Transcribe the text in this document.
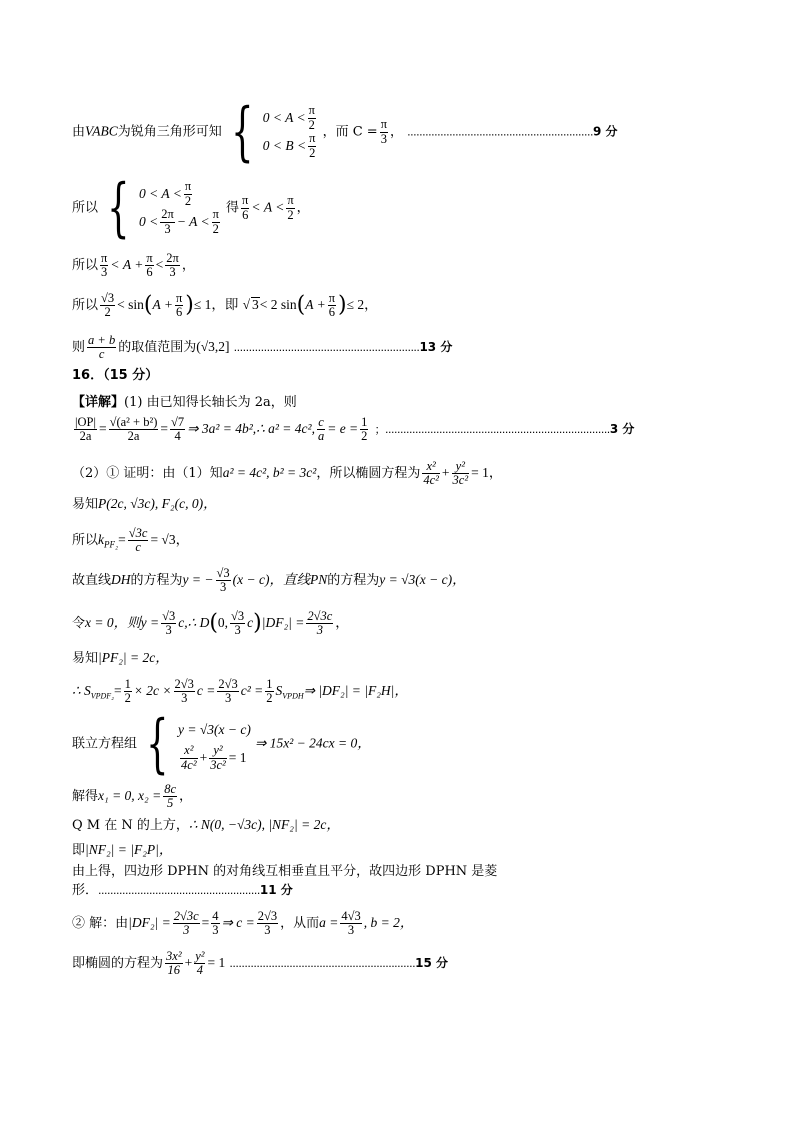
由VABC为锐角三角形可知 { $0 < A < \frac{\pi}{2}$
$0 < B < \frac{\pi}{2}$
，而 $C = \frac{\pi}{3}$ ， ..............................................................9 分
所以 { $0 < A < \frac{\pi}{2}$
$0 < \frac{2\pi}{3} - A < \frac{\pi}{2}$
得 $\frac{\pi}{6} < A < \frac{\pi}{2}$ ，
所以 $\frac{\pi}{3} < A + \frac{\pi}{6} < \frac{2\pi}{3}$ ，
所以 $\frac{√3}{2} < \sin(A + \frac{\pi}{6}$ )≤ 1，即 √ 3< 2 $\sin(A + \frac{\pi}{6}$ )≤ 2，
则 $\frac{a + b}{c}$ 的取值范围为(√3,2] ..............................................................13 分
16．（15 分）
【详解】(1) 由已知得长轴长为 2a，则
$\frac{|OP|}{2a} = \frac{\text{√(a² + b²)}}{2a} = \frac{√7}{4}$ ⇒ 3a² = 4b²,∴ a² = 4c², $\frac{c}{a} = e = \frac{1}{2}$ ；...........................................................................3 分
（2）① 证明：由（1）知a² = 4c², b² = 3c²，所以椭圆方程为 $\frac{\text{x²}}{\text{4c²}} + \frac{\text{y²}}{\text{3c²}} = 1$，
易知P(2c, √3c), F₂(c, 0)，
所以$k_{PF_2}= \frac{√3c}{c} = √3$，
故直线DH的方程为y = − $\frac{√3}{3} (x - c)$，直线PN的方程为y = √3(x − c)，
令x = 0，则$y = \frac{√3}{3}$ c,∴ D(0, $\frac{√3}{3} c)|DF_2| = \frac{2√3c}{3}$ ，
易知|PF₂| = 2c，
∴ $S_{VPDF_2}= \frac{1}{2} \times 2c \times \frac{2√3}{3}$ $c = \frac{2√3}{3} c^2 = \frac{1}{2}$ $S_{VPDH}\Rightarrow$ |DF₂| = |F₂H|，
联立方程组 { y = √3(x − c)
$\frac{\text{x²}}{\text{4c²}} + \frac{\text{y²}}{\text{3c²}} = 1$
⇒ 15x² − 24cx = 0，
解得x₁ = 0, $x_2 = \frac{8c}{5}$ ，
Q M 在 N 的上方，∴ N(0, −√3c), |NF₂| = 2c，
即|NF₂| = |F₂P|，
由上得，四边形 DPHN 的对角线互相垂直且平分，故四边形 DPHN 是菱
形．......................................................11 分
② 解：由$|DF_2| = \frac{2√3c}{3} = \frac{4}{3}$ ⇒ $c = \frac{2√3}{3}$ ，从而$a = \frac{4√3}{3}$ , b = 2，
即椭圆的方程为 $\frac{\text{3x²}}{16} + \frac{\text{y²}}{4} = 1$ ..............................................................15 分
